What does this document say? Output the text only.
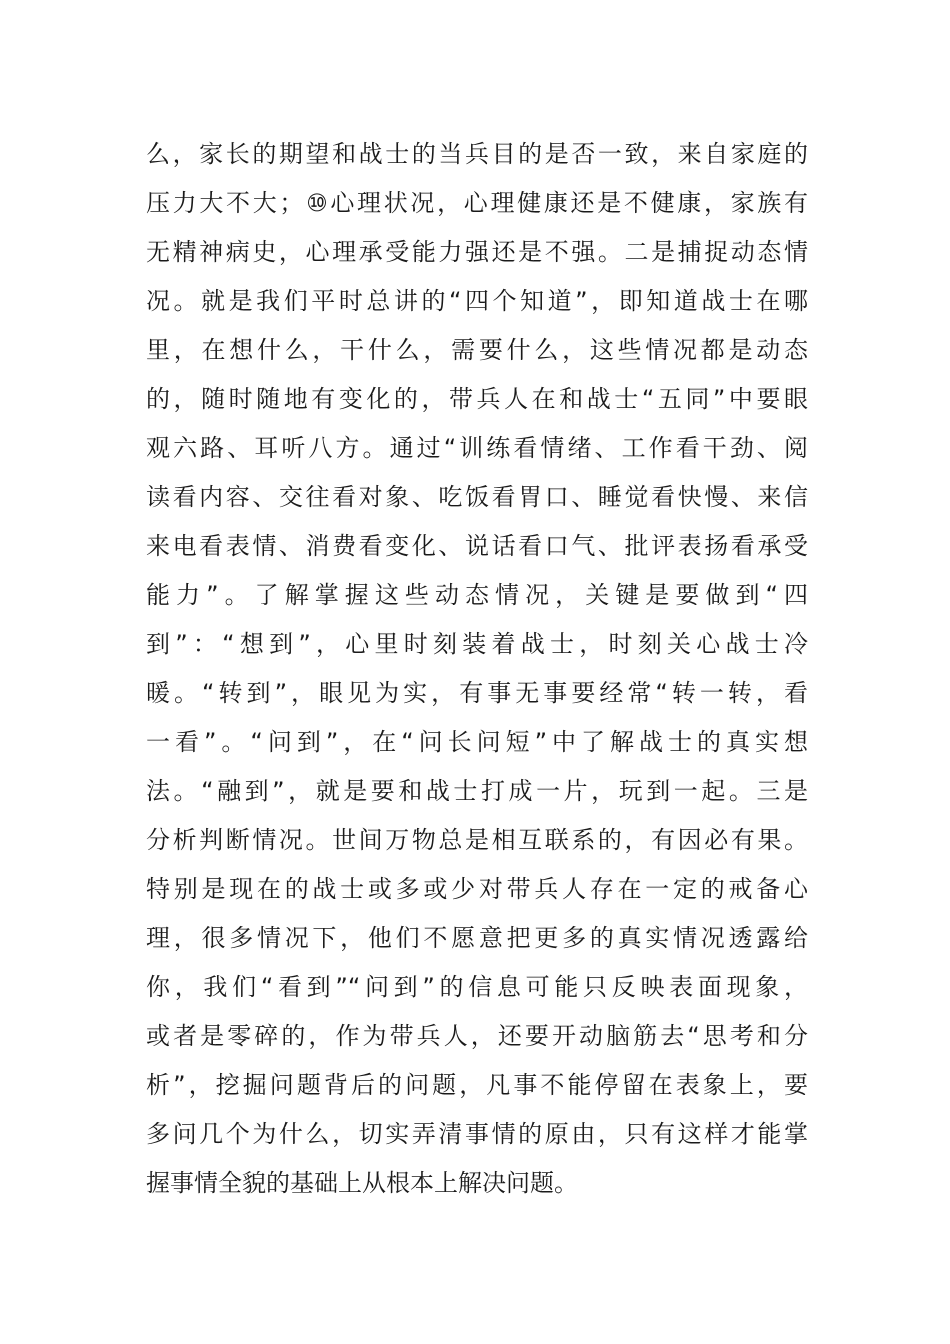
么，家长的期望和战士的当兵目的是否一致，来自家庭的
压力大不大；⑩心理状况，心理健康还是不健康，家族有
无精神病史，心理承受能力强还是不强。二是捕捉动态情
况。就是我们平时总讲的“四个知道”，即知道战士在哪
里，在想什么，干什么，需要什么，这些情况都是动态
的，随时随地有变化的，带兵人在和战士“五同”中要眼
观六路、耳听八方。通过“训练看情绪、工作看干劲、阅
读看内容、交往看对象、吃饭看胃口、睡觉看快慢、来信
来电看表情、消费看变化、说话看口气、批评表扬看承受
能力”。了解掌握这些动态情况，关键是要做到“四
到”：“想到”，心里时刻装着战士，时刻关心战士冷
暖。“转到”，眼见为实，有事无事要经常“转一转，看
一看”。“问到”，在“问长问短”中了解战士的真实想
法。“融到”，就是要和战士打成一片，玩到一起。三是
分析判断情况。世间万物总是相互联系的，有因必有果。
特别是现在的战士或多或少对带兵人存在一定的戒备心
理，很多情况下，他们不愿意把更多的真实情况透露给
你，我们“看到”“问到”的信息可能只反映表面现象，
或者是零碎的，作为带兵人，还要开动脑筋去“思考和分
析”，挖掘问题背后的问题，凡事不能停留在表象上，要
多问几个为什么，切实弄清事情的原由，只有这样才能掌
握事情全貌的基础上从根本上解决问题。
